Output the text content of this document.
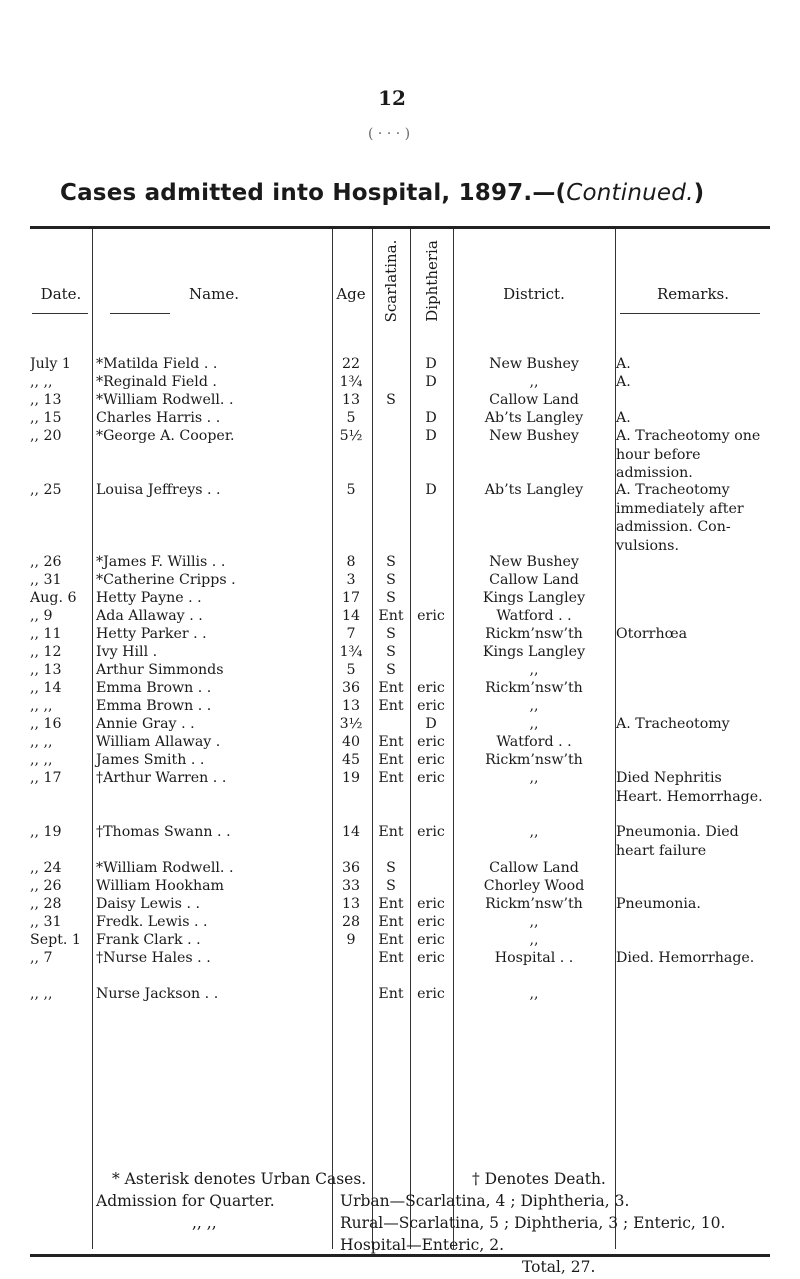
12
( · · · )
Cases admitted into Hospital, 1897.—(Continued.)
Date.	Name.	Age	Scarlatina. Diphtheria	District.	Remarks.
July 1	*Matilda Field . .	22	D	New Bushey	A.
,, ,,	*Reginald Field .	1¾	D	,,	A.
,, 13	*William Rodwell. .	13	S	Callow Land
,, 15	Charles Harris . .	5	D	Ab’ts Langley	A.
,, 20	*George A. Cooper.	5½	D	New Bushey	A. Tracheotomy one hour before admission.
,, 25	Louisa Jeffreys . .	5	D	Ab’ts Langley	A. Tracheotomy immediately after admission. Con-vulsions.
,, 26	*James F. Willis . .	8	S	New Bushey
,, 31	*Catherine Cripps .	3	S	Callow Land
Aug. 6	Hetty Payne . .	17	S	Kings Langley
,, 9	Ada Allaway . .	14	Ent eric	Watford . .
,, 11	Hetty Parker . .	7	S	Rickm’nsw’th	Otorrhœa
,, 12	Ivy Hill .	1¾	S	Kings Langley
,, 13	Arthur Simmonds	5	S	,,
,, 14	Emma Brown . .	36	Ent eric	Rickm’nsw’th
,, ,,	Emma Brown . .	13	Ent eric	,,
,, 16	Annie Gray . .	3½	D	,,	A. Tracheotomy
,, ,,	William Allaway .	40	Ent eric	Watford . .
,, ,,	James Smith . .	45	Ent eric	Rickm’nsw’th
,, 17	†Arthur Warren . .	19	Ent eric	,,	Died Nephritis Heart. Hemorrhage.
,, 19	†Thomas Swann . .	14	Ent eric	,,	Pneumonia. Died heart failure
,, 24	*William Rodwell. .	36	S	Callow Land
,, 26	William Hookham	33	S	Chorley Wood
,, 28	Daisy Lewis . .	13	Ent eric	Rickm’nsw’th	Pneumonia.
,, 31	Fredk. Lewis . .	28	Ent eric	,,
Sept. 1	Frank Clark . .	9	Ent eric	,,
,, 7	†Nurse Hales . .	Ent eric	Hospital . .	Died. Hemorrhage.
,, ,,	Nurse Jackson . .	Ent eric	,,
* Asterisk denotes Urban Cases.	† Denotes Death.
Admission for Quarter.	Urban—Scarlatina, 4 ; Diphtheria, 3.
,, ,,	Rural—Scarlatina, 5 ; Diphtheria, 3 ; Enteric, 10.
Hospital—Enteric, 2.
Total, 27.
